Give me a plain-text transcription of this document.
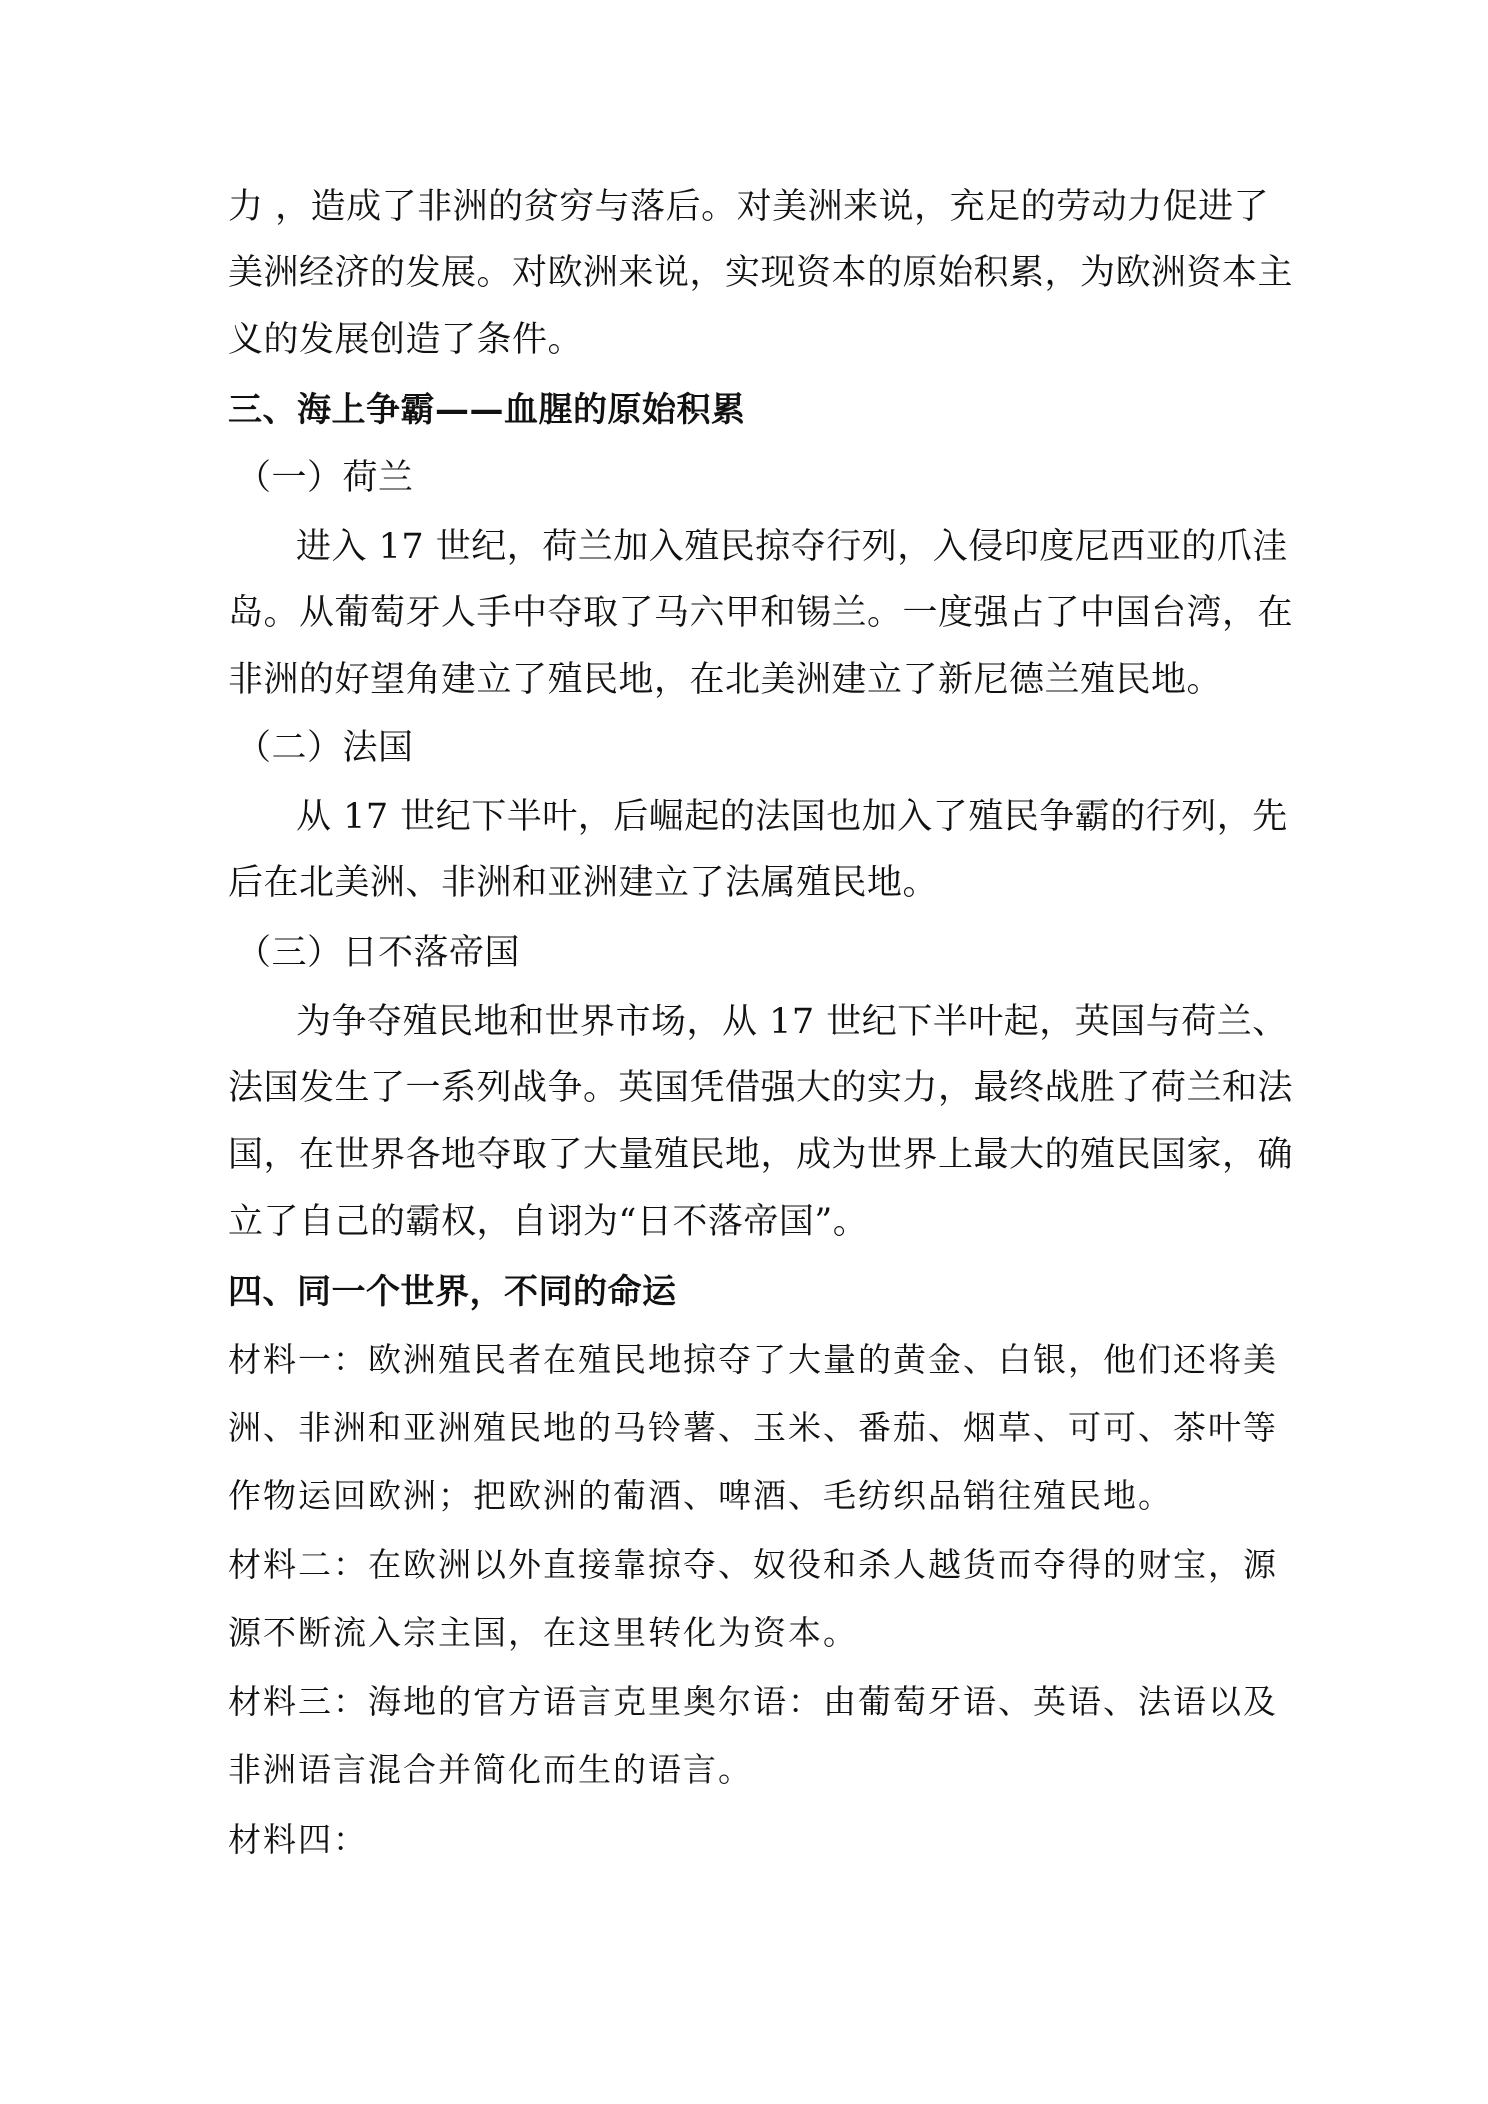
力 ，造成了非洲的贫穷与落后。对美洲来说，充足的劳动力促进了
美洲经济的发展。对欧洲来说，实现资本的原始积累，为欧洲资本主
义的发展创造了条件。
三、海上争霸——血腥的原始积累
（一）荷兰
进入 17 世纪，荷兰加入殖民掠夺行列，入侵印度尼西亚的爪洼
岛。从葡萄牙人手中夺取了马六甲和锡兰。一度强占了中国台湾，在
非洲的好望角建立了殖民地，在北美洲建立了新尼德兰殖民地。
（二）法国
从 17 世纪下半叶，后崛起的法国也加入了殖民争霸的行列，先
后在北美洲、非洲和亚洲建立了法属殖民地。
（三）日不落帝国
为争夺殖民地和世界市场，从 17 世纪下半叶起，英国与荷兰、
法国发生了一系列战争。英国凭借强大的实力，最终战胜了荷兰和法
国，在世界各地夺取了大量殖民地，成为世界上最大的殖民国家，确
立了自己的霸权，自诩为“日不落帝国”。
四、同一个世界，不同的命运
材料一：欧洲殖民者在殖民地掠夺了大量的黄金、白银，他们还将美
洲、非洲和亚洲殖民地的马铃薯、玉米、番茄、烟草、可可、茶叶等
作物运回欧洲；把欧洲的葡酒、啤酒、毛纺织品销往殖民地。
材料二：在欧洲以外直接靠掠夺、奴役和杀人越货而夺得的财宝，源
源不断流入宗主国，在这里转化为资本。
材料三：海地的官方语言克里奥尔语：由葡萄牙语、英语、法语以及
非洲语言混合并简化而生的语言。
材料四：
